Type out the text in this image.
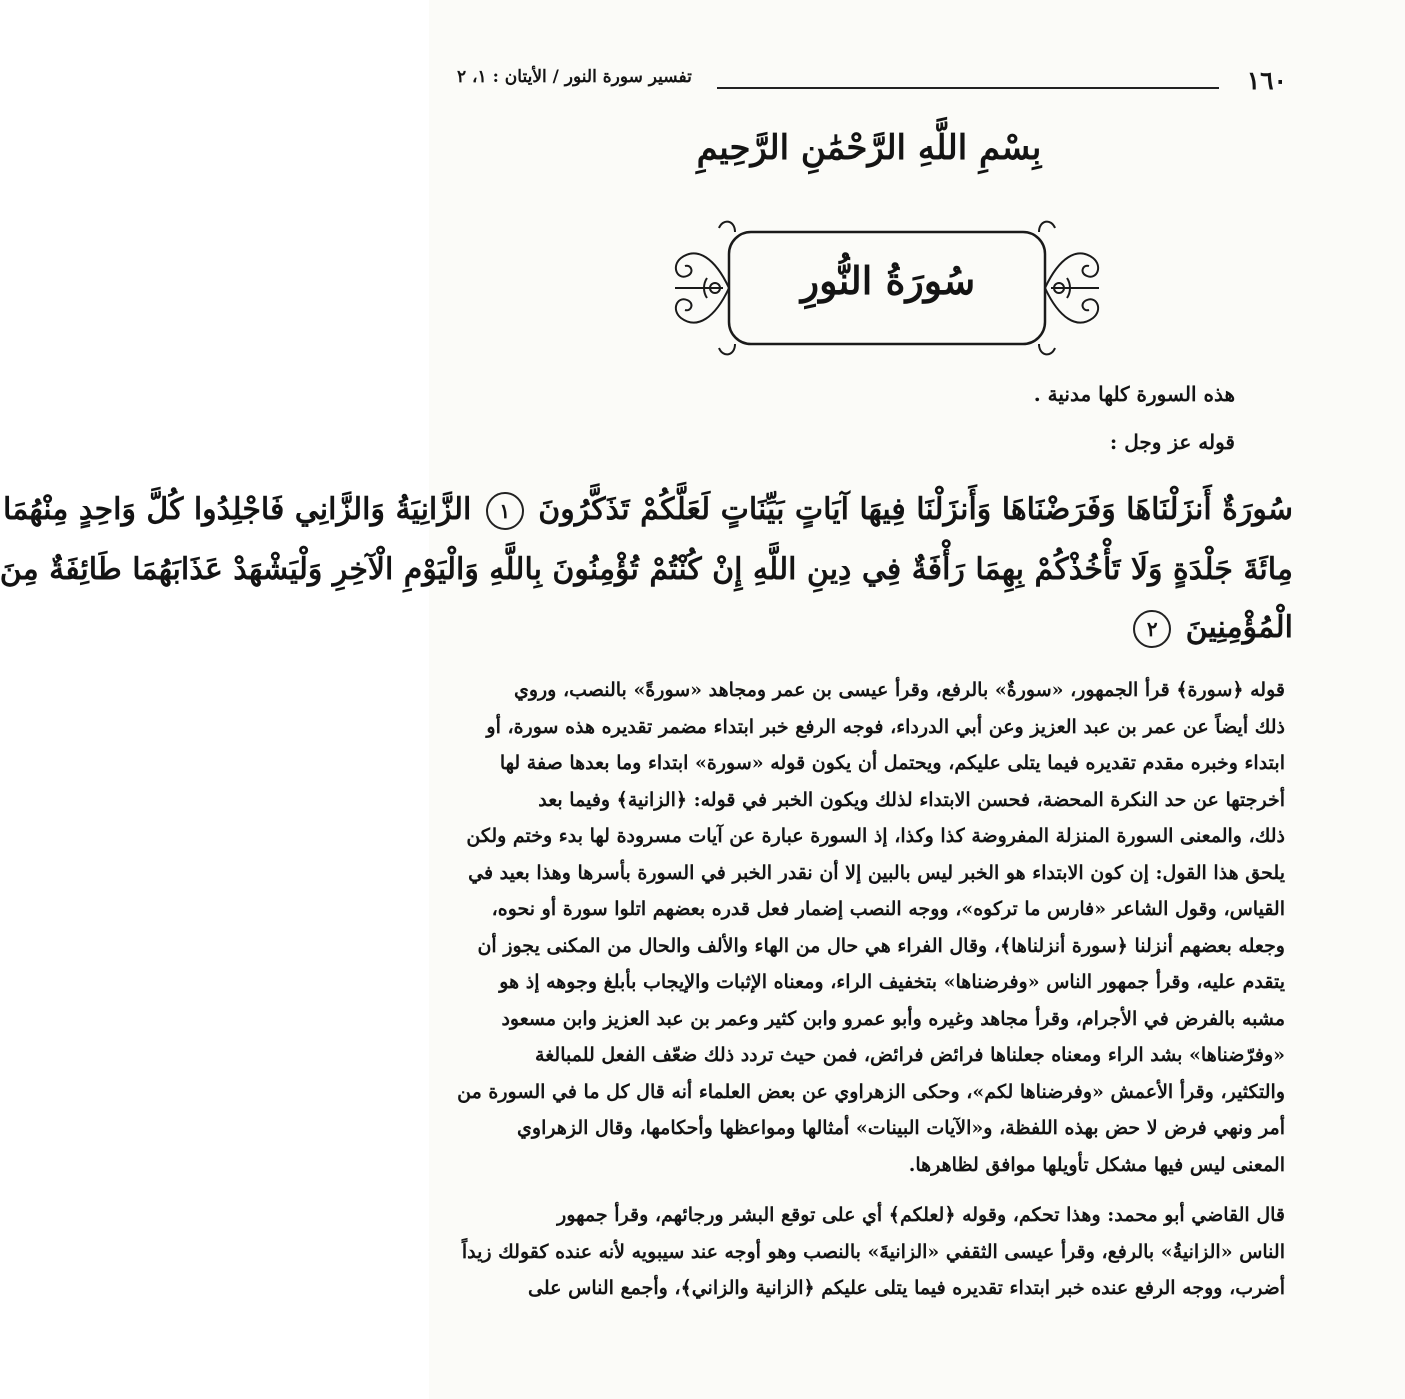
١٦٠
تفسير سورة النور / الأيتان : ١، ٢
بِسْمِ اللَّهِ الرَّحْمَٰنِ الرَّحِيمِ
سُورَةُ النُّورِ
هذه السورة كلها مدنية .
قوله عز وجل :
سُورَةٌ أَنزَلْنَاهَا وَفَرَضْنَاهَا وَأَنزَلْنَا فِيهَا آيَاتٍ بَيِّنَاتٍ لَعَلَّكُمْ تَذَكَّرُونَ ١ الزَّانِيَةُ وَالزَّانِي فَاجْلِدُوا كُلَّ وَاحِدٍ مِنْهُمَا
مِائَةَ جَلْدَةٍ وَلَا تَأْخُذْكُمْ بِهِمَا رَأْفَةٌ فِي دِينِ اللَّهِ إِنْ كُنْتُمْ تُؤْمِنُونَ بِاللَّهِ وَالْيَوْمِ الْآخِرِ وَلْيَشْهَدْ عَذَابَهُمَا طَائِفَةٌ مِنَ
الْمُؤْمِنِينَ ٢
قوله ﴿سورة﴾ قرأ الجمهور، «سورةٌ» بالرفع، وقرأ عيسى بن عمر ومجاهد «سورةً» بالنصب، وروي
ذلك أيضاً عن عمر بن عبد العزيز وعن أبي الدرداء، فوجه الرفع خبر ابتداء مضمر تقديره هذه سورة، أو
ابتداء وخبره مقدم تقديره فيما يتلى عليكم، ويحتمل أن يكون قوله «سورة» ابتداء وما بعدها صفة لها
أخرجتها عن حد النكرة المحضة، فحسن الابتداء لذلك ويكون الخبر في قوله: ﴿الزانية﴾ وفيما بعد
ذلك، والمعنى السورة المنزلة المفروضة كذا وكذا، إذ السورة عبارة عن آيات مسرودة لها بدء وختم ولكن
يلحق هذا القول: إن كون الابتداء هو الخبر ليس بالبين إلا أن نقدر الخبر في السورة بأسرها وهذا بعيد في
القياس، وقول الشاعر «فارس ما تركوه»، ووجه النصب إضمار فعل قدره بعضهم اتلوا سورة أو نحوه،
وجعله بعضهم أنزلنا ﴿سورة أنزلناها﴾، وقال الفراء هي حال من الهاء والألف والحال من المكنى يجوز أن
يتقدم عليه، وقرأ جمهور الناس «وفرضناها» بتخفيف الراء، ومعناه الإثبات والإيجاب بأبلغ وجوهه إذ هو
مشبه بالفرض في الأجرام، وقرأ مجاهد وغيره وأبو عمرو وابن كثير وعمر بن عبد العزيز وابن مسعود
«وفرّضناها» بشد الراء ومعناه جعلناها فرائض فرائض، فمن حيث تردد ذلك ضعّف الفعل للمبالغة
والتكثير، وقرأ الأعمش «وفرضناها لكم»، وحكى الزهراوي عن بعض العلماء أنه قال كل ما في السورة من
أمر ونهي فرض لا حض بهذه اللفظة، و«الآيات البينات» أمثالها ومواعظها وأحكامها، وقال الزهراوي
المعنى ليس فيها مشكل تأويلها موافق لظاهرها.
قال القاضي أبو محمد: وهذا تحكم، وقوله ﴿لعلكم﴾ أي على توقع البشر ورجائهم، وقرأ جمهور
الناس «الزانيةُ» بالرفع، وقرأ عيسى الثقفي «الزانيةَ» بالنصب وهو أوجه عند سيبويه لأنه عنده كقولك زيداً
أضرب، ووجه الرفع عنده خبر ابتداء تقديره فيما يتلى عليكم ﴿الزانية والزاني﴾، وأجمع الناس على
